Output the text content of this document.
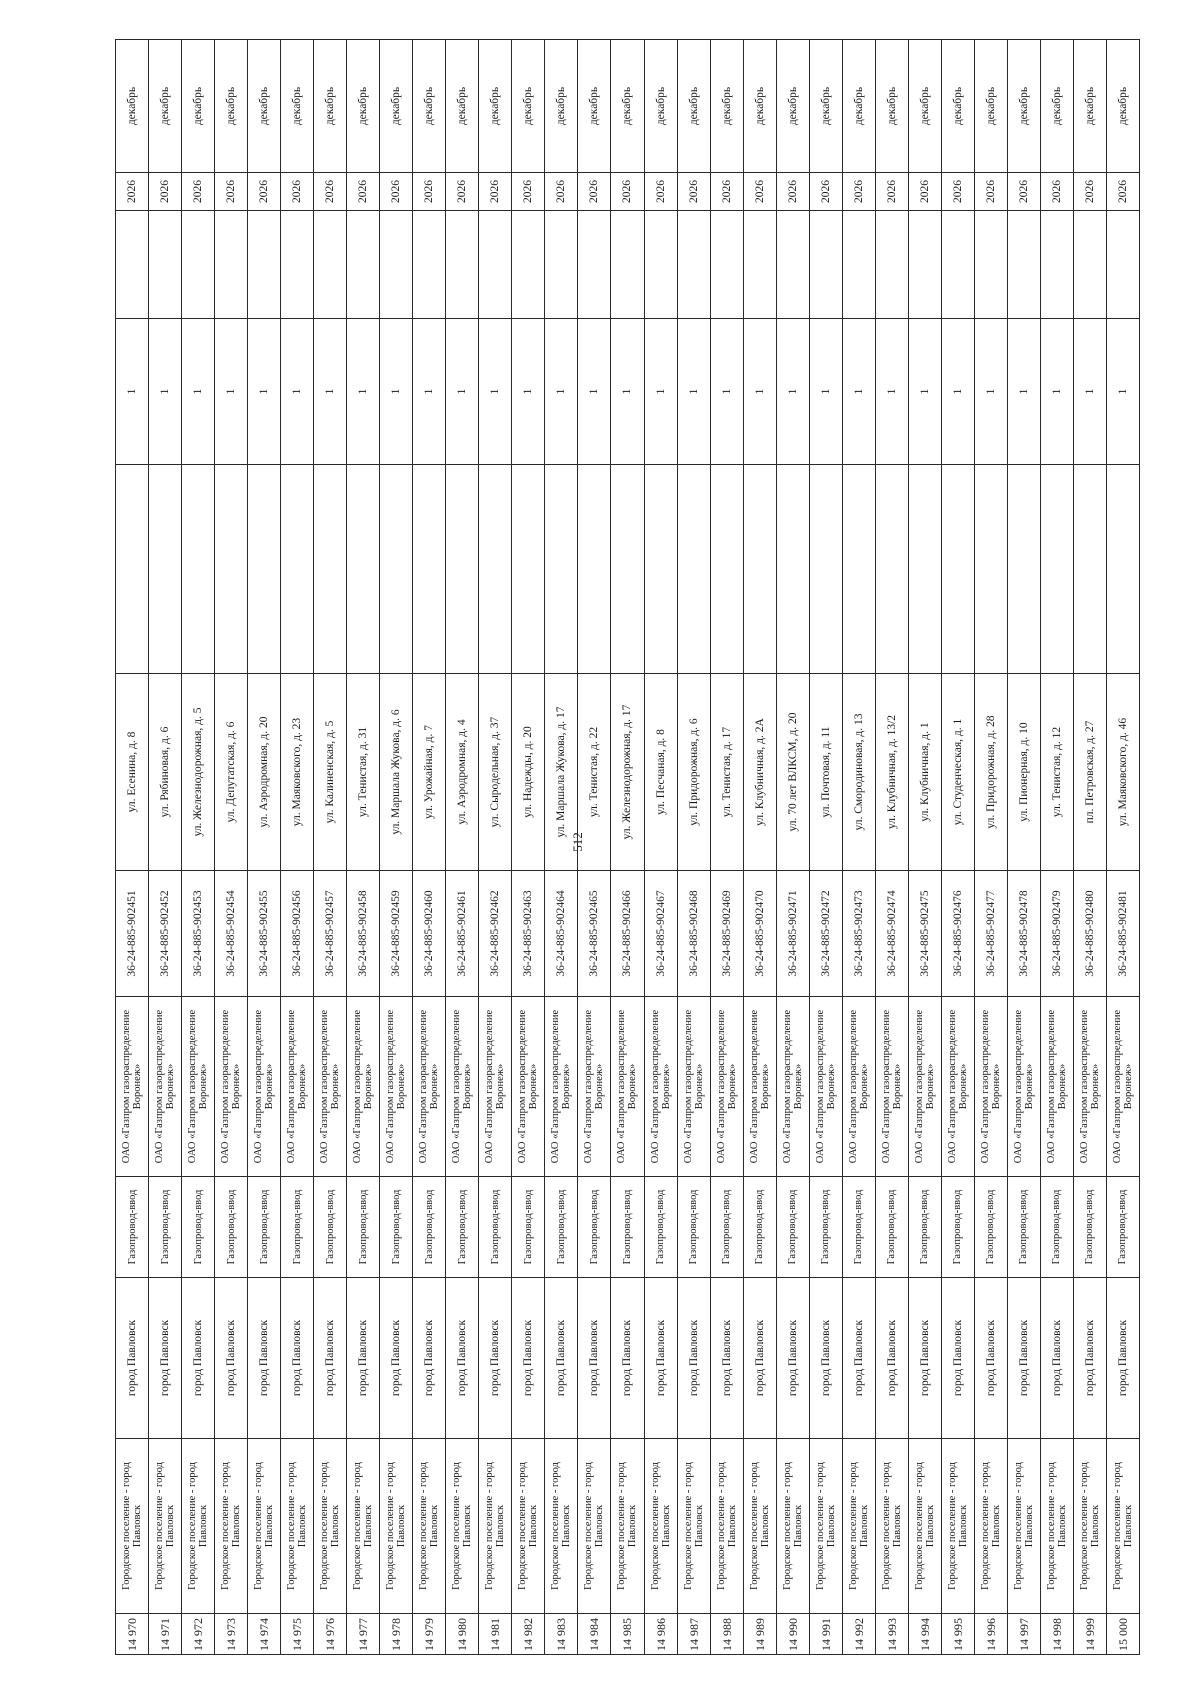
512
14 970	Городское поселение - город Павловск	город Павловск	Газопровод-ввод	ОАО «Газпром газораспределение Воронеж»	36-24-885-902451	ул. Есенина, д. 8		1		2026	декабрь
14 971	Городское поселение - город Павловск	город Павловск	Газопровод-ввод	ОАО «Газпром газораспределение Воронеж»	36-24-885-902452	ул. Рябиновая, д. 6		1		2026	декабрь
14 972	Городское поселение - город Павловск	город Павловск	Газопровод-ввод	ОАО «Газпром газораспределение Воронеж»	36-24-885-902453	ул. Железнодорожная, д. 5		1		2026	декабрь
14 973	Городское поселение - город Павловск	город Павловск	Газопровод-ввод	ОАО «Газпром газораспределение Воронеж»	36-24-885-902454	ул. Депутатская, д. 6		1		2026	декабрь
14 974	Городское поселение - город Павловск	город Павловск	Газопровод-ввод	ОАО «Газпром газораспределение Воронеж»	36-24-885-902455	ул. Аэродромная, д. 20		1		2026	декабрь
14 975	Городское поселение - город Павловск	город Павловск	Газопровод-ввод	ОАО «Газпром газораспределение Воронеж»	36-24-885-902456	ул. Маяковского, д. 23		1		2026	декабрь
14 976	Городское поселение - город Павловск	город Павловск	Газопровод-ввод	ОАО «Газпром газораспределение Воронеж»	36-24-885-902457	ул. Калиненская, д. 5		1		2026	декабрь
14 977	Городское поселение - город Павловск	город Павловск	Газопровод-ввод	ОАО «Газпром газораспределение Воронеж»	36-24-885-902458	ул. Тенистая, д. 31		1		2026	декабрь
14 978	Городское поселение - город Павловск	город Павловск	Газопровод-ввод	ОАО «Газпром газораспределение Воронеж»	36-24-885-902459	ул. Маршала Жукова, д. 6		1		2026	декабрь
14 979	Городское поселение - город Павловск	город Павловск	Газопровод-ввод	ОАО «Газпром газораспределение Воронеж»	36-24-885-902460	ул. Урожайная, д. 7		1		2026	декабрь
14 980	Городское поселение - город Павловск	город Павловск	Газопровод-ввод	ОАО «Газпром газораспределение Воронеж»	36-24-885-902461	ул. Аэродромная, д. 4		1		2026	декабрь
14 981	Городское поселение - город Павловск	город Павловск	Газопровод-ввод	ОАО «Газпром газораспределение Воронеж»	36-24-885-902462	ул. Сыродельная, д. 37		1		2026	декабрь
14 982	Городское поселение - город Павловск	город Павловск	Газопровод-ввод	ОАО «Газпром газораспределение Воронеж»	36-24-885-902463	ул. Надежды, д. 20		1		2026	декабрь
14 983	Городское поселение - город Павловск	город Павловск	Газопровод-ввод	ОАО «Газпром газораспределение Воронеж»	36-24-885-902464	ул. Маршала Жукова, д. 17		1		2026	декабрь
14 984	Городское поселение - город Павловск	город Павловск	Газопровод-ввод	ОАО «Газпром газораспределение Воронеж»	36-24-885-902465	ул. Тенистая, д. 22		1		2026	декабрь
14 985	Городское поселение - город Павловск	город Павловск	Газопровод-ввод	ОАО «Газпром газораспределение Воронеж»	36-24-885-902466	ул. Железнодорожная, д. 17		1		2026	декабрь
14 986	Городское поселение - город Павловск	город Павловск	Газопровод-ввод	ОАО «Газпром газораспределение Воронеж»	36-24-885-902467	ул. Песчаная, д. 8		1		2026	декабрь
14 987	Городское поселение - город Павловск	город Павловск	Газопровод-ввод	ОАО «Газпром газораспределение Воронеж»	36-24-885-902468	ул. Придорожная, д. 6		1		2026	декабрь
14 988	Городское поселение - город Павловск	город Павловск	Газопровод-ввод	ОАО «Газпром газораспределение Воронеж»	36-24-885-902469	ул. Тенистая, д. 17		1		2026	декабрь
14 989	Городское поселение - город Павловск	город Павловск	Газопровод-ввод	ОАО «Газпром газораспределение Воронеж»	36-24-885-902470	ул. Клубничная, д. 2А		1		2026	декабрь
14 990	Городское поселение - город Павловск	город Павловск	Газопровод-ввод	ОАО «Газпром газораспределение Воронеж»	36-24-885-902471	ул. 70 лет ВЛКСМ, д. 20		1		2026	декабрь
14 991	Городское поселение - город Павловск	город Павловск	Газопровод-ввод	ОАО «Газпром газораспределение Воронеж»	36-24-885-902472	ул. Почтовая, д. 11		1		2026	декабрь
14 992	Городское поселение - город Павловск	город Павловск	Газопровод-ввод	ОАО «Газпром газораспределение Воронеж»	36-24-885-902473	ул. Смородиновая, д. 13		1		2026	декабрь
14 993	Городское поселение - город Павловск	город Павловск	Газопровод-ввод	ОАО «Газпром газораспределение Воронеж»	36-24-885-902474	ул. Клубничная, д. 13/2		1		2026	декабрь
14 994	Городское поселение - город Павловск	город Павловск	Газопровод-ввод	ОАО «Газпром газораспределение Воронеж»	36-24-885-902475	ул. Клубничная, д. 1		1		2026	декабрь
14 995	Городское поселение - город Павловск	город Павловск	Газопровод-ввод	ОАО «Газпром газораспределение Воронеж»	36-24-885-902476	ул. Студенческая, д. 1		1		2026	декабрь
14 996	Городское поселение - город Павловск	город Павловск	Газопровод-ввод	ОАО «Газпром газораспределение Воронеж»	36-24-885-902477	ул. Придорожная, д. 28		1		2026	декабрь
14 997	Городское поселение - город Павловск	город Павловск	Газопровод-ввод	ОАО «Газпром газораспределение Воронеж»	36-24-885-902478	ул. Пионерная, д. 10		1		2026	декабрь
14 998	Городское поселение - город Павловск	город Павловск	Газопровод-ввод	ОАО «Газпром газораспределение Воронеж»	36-24-885-902479	ул. Тенистая, д. 12		1		2026	декабрь
14 999	Городское поселение - город Павловск	город Павловск	Газопровод-ввод	ОАО «Газпром газораспределение Воронеж»	36-24-885-902480	пл. Петровская, д. 27		1		2026	декабрь
15 000	Городское поселение - город Павловск	город Павловск	Газопровод-ввод	ОАО «Газпром газораспределение Воронеж»	36-24-885-902481	ул. Маяковского, д. 46		1		2026	декабрь
